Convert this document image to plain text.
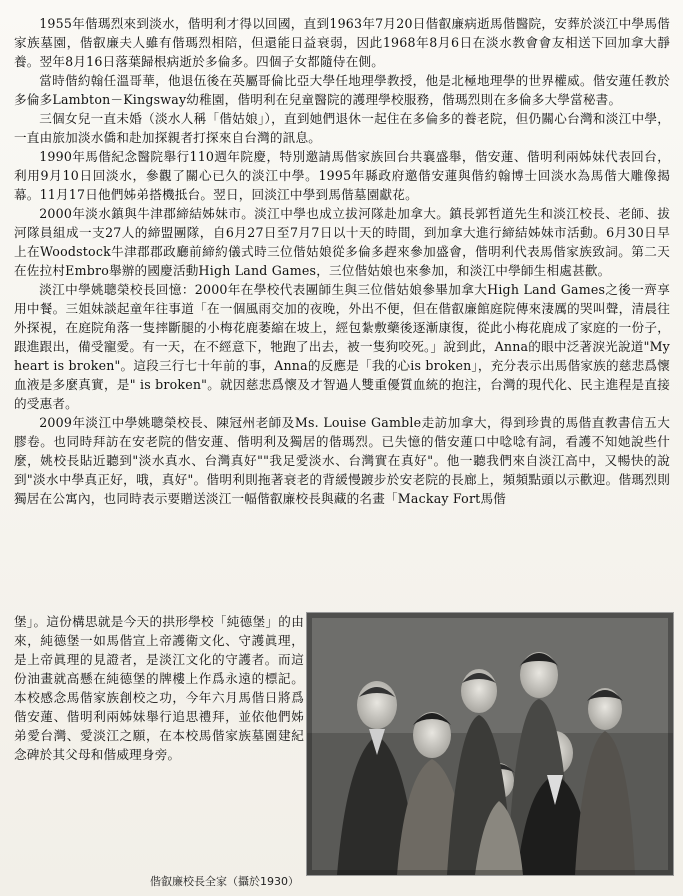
1955年偕瑪烈來到淡水，偕明利才得以回國，直到1963年7月20日偕叡廉病逝馬偕醫院，安葬於淡江中學馬偕家族墓園，偕叡廉夫人雖有偕瑪烈相陪，但還能日益衰弱，因此1968年8月6日在淡水教會會友相送下回加拿大靜養。翌年8月16日落葉歸根病逝於多倫多。四個子女都隨侍在側。

當時偕約翰任溫哥華，他退伍後在英屬哥倫比亞大學任地理學教授，他是北極地理學的世界權威。偕安蓮任教於多倫多Lambton－Kingsway幼稚園，偕明利在兒童醫院的護理學校服務，偕瑪烈則在多倫多大學當秘書。

三個女兒一直未婚（淡水人稱「偕姑娘」），直到她們退休一起住在多倫多的養老院，但仍關心台灣和淡江中學，一直由旅加淡水僑和赴加探親者打探來自台灣的訊息。

1990年馬偕紀念醫院舉行110週年院慶，特別邀請馬偕家族回台共襄盛舉，偕安蓮、偕明利兩姊妹代表回台，利用9月10日回淡水，參觀了關心已久的淡江中學。1995年縣政府邀偕安蓮與偕約翰博士回淡水為馬偕大雕像揭幕。11月17日他們姊弟搭機抵台。翌日，回淡江中學到馬偕墓園獻花。

2000年淡水鎮與牛津郡締結姊妹市。淡江中學也成立拔河隊赴加拿大。鎮長郭哲道先生和淡江校長、老師、拔河隊員組成一支27人的締盟團隊，自6月27日至7月7日以十天的時間，到加拿大進行締結姊妹市活動。6月30日早上在Woodstock牛津郡郡政廳前締約儀式時三位偕姑娘從多倫多趕來參加盛會，偕明利代表馬偕家族致詞。第二天在佐拉村Embro舉辦的國慶活動High Land Games，三位偕姑娘也來參加，和淡江中學師生相處甚歡。

淡江中學姚聰榮校長回憶：2000年在學校代表團師生與三位偕姑娘參畢加拿大High Land Games之後一齊享用中餐。三姐妹談起童年往事道「在一個風雨交加的夜晚，外出不便，但在偕叡廉館庭院傳來淒厲的哭叫聲，清晨往外探視，在庭院角落一隻摔斷腿的小梅花鹿萎縮在坡上，經包紮敷藥後逐漸康復，從此小梅花鹿成了家庭的一份子，跟進跟出，備受寵愛。有一天，在不經意下，牠跑了出去，被一隻狗咬死。」說到此，Anna的眼中泛著淚光說道"My heart is broken"。這段三行七十年前的事，Anna的反應是「我的心is broken」，充分表示出馬偕家族的慈悲爲懷血液是多麼真實，是" is broken"。就因慈悲爲懷及才智過人雙重優質血統的抱注，台灣的現代化、民主進程是直接的受惠者。

2009年淡江中學姚聰榮校長、陳冠州老師及Ms. Louise Gamble走訪加拿大，得到珍貴的馬偕直教書信五大膠卷。也同時拜訪在安老院的偕安蓮、偕明利及獨居的偕瑪烈。已失憶的偕安蓮口中唸唸有詞，看護不知她說些什麼，姚校長貼近聽到"淡水真水、台灣真好""我足愛淡水、台灣實在真好"。他一聽我們來自淡江高中，又暢快的說到"淡水中學真正好，哦，真好"。偕明利則拖著衰老的背緩慢踱步於安老院的長廊上，頻頻點頭以示歡迎。偕瑪烈則獨居在公寓內，也同時表示要贈送淡江一幅偕叡廉校長與藏的名畫「Mackay Fort馬偕

堡」。這份構思就是今天的拱形學校「純德堡」的由來，純德堡一如馬偕宣上帝護衛文化、守護眞理，是上帝眞理的見證者，是淡江文化的守護者。而這份油畫就高懸在純德堡的牌樓上作爲永遠的標記。本校感念馬偕家族創校之功，今年六月馬偕日將爲偕安蓮、偕明利兩姊妹舉行追思禮拜，並依他們姊弟愛台灣、愛淡江之願，在本校馬偕家族墓園建紀念碑於其父母和偕威理身旁。

偕叡廉校長全家（攝於1930）
